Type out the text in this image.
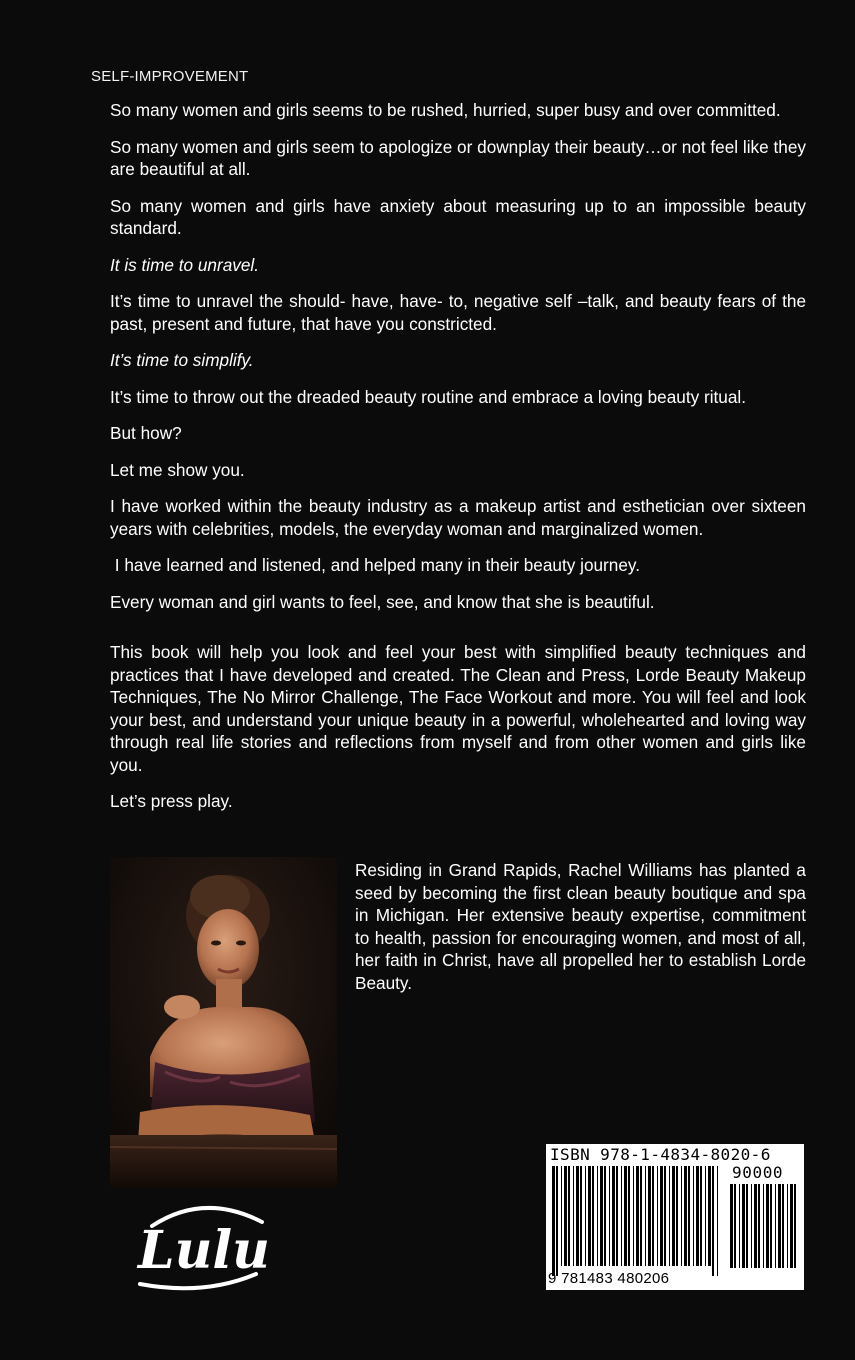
SELF-IMPROVEMENT

So many women and girls seems to be rushed, hurried, super busy and over committed.

So many women and girls seem to apologize or downplay their beauty…or not feel like they are beautiful at all.

So many women and girls have anxiety about measuring up to an impossible beauty standard.

It is time to unravel.

It’s time to unravel the should- have, have- to, negative self –talk, and beauty fears of the past, present and future, that have you constricted.

It’s time to simplify.

It’s time to throw out the dreaded beauty routine and embrace a loving beauty ritual.

But how?

Let me show you.

I have worked within the beauty industry as a makeup artist and esthetician over sixteen years with celebrities, models, the everyday woman and marginalized women.

I have learned and listened, and helped many in their beauty journey.

Every woman and girl wants to feel, see, and know that she is beautiful.

This book will help you look and feel your best with simplified beauty techniques and practices that I have developed and created. The Clean and Press, Lorde Beauty Makeup Techniques, The No Mirror Challenge, The Face Workout and more. You will feel and look your best, and understand your unique beauty in a powerful, wholehearted and loving way through real life stories and reflections from myself and from other women and girls like you.

Let’s press play.

Residing in Grand Rapids, Rachel Williams has planted a seed by becoming the first clean beauty boutique and spa in Michigan. Her extensive beauty expertise, commitment to health, passion for encouraging women, and most of all, her faith in Christ, have all propelled her to establish Lorde Beauty.

Lulu
ISBN 978-1-4834-8020-6
90000
9 781483 480206
